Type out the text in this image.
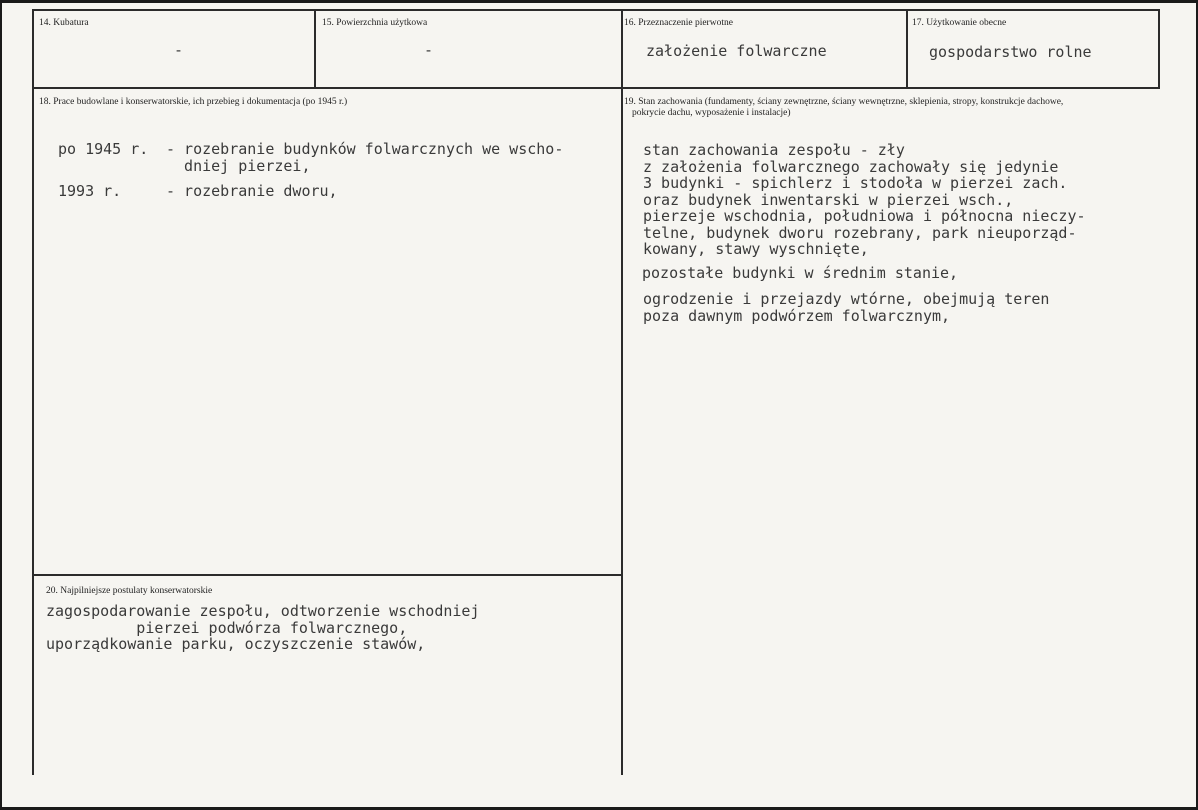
14. Kubatura
-
15. Powierzchnia użytkowa
-
16. Przeznaczenie pierwotne
założenie folwarczne
17. Użytkowanie obecne
gospodarstwo rolne
18. Prace budowlane i konserwatorskie, ich przebieg i dokumentacja (po 1945 r.)
po 1945 r. - rozebranie budynków folwarcznych we wscho-
dniej pierzei,
1993 r.	- rozebranie dworu,
19. Stan zachowania (fundamenty, ściany zewnętrzne, ściany wewnętrzne, sklepienia, stropy, konstrukcje dachowe,
pokrycie dachu, wyposażenie i instalacje)
stan zachowania zespołu - zły
z założenia folwarcznego zachowały się jedynie
3 budynki - spichlerz i stodoła w pierzei zach.
oraz budynek inwentarski w pierzei wsch.,
pierzeje wschodnia, południowa i północna nieczy-
telne, budynek dworu rozebrany, park nieuporząd-
kowany, stawy wyschnięte,
pozostałe budynki w średnim stanie,
ogrodzenie i przejazdy wtórne, obejmują teren
poza dawnym podwórzem folwarcznym,
20. Najpilniejsze postulaty konserwatorskie
zagospodarowanie zespołu, odtworzenie wschodniej
pierzei podwórza folwarcznego,
uporządkowanie parku, oczyszczenie stawów,
